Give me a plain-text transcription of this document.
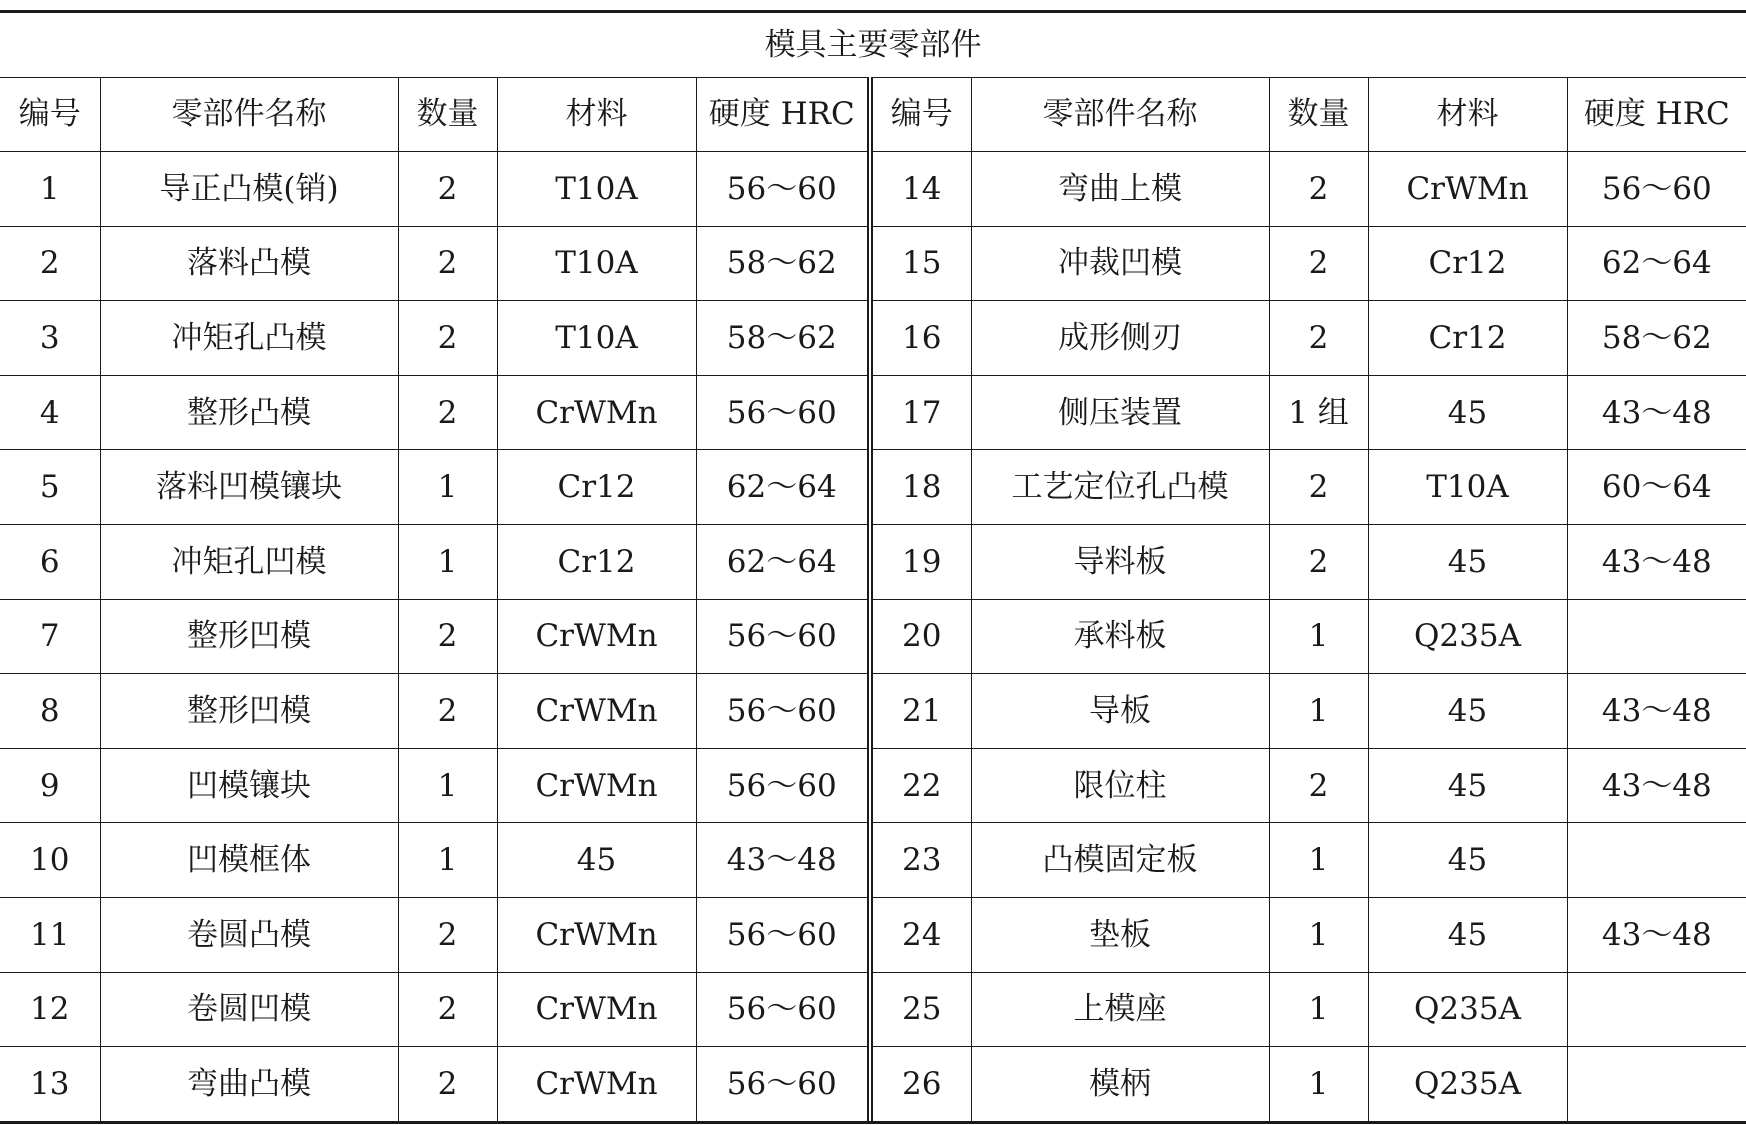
模具主要零部件									
编号	零部件名称	数量	材料	硬度 HRC	编号	零部件名称	数量	材料	硬度 HRC
1	导正凸模(销)	2	T10A	56～60	14	弯曲上模	2	CrWMn	56～60
2	落料凸模	2	T10A	58～62	15	冲裁凹模	2	Cr12	62～64
3	冲矩孔凸模	2	T10A	58～62	16	成形侧刃	2	Cr12	58～62
4	整形凸模	2	CrWMn	56～60	17	侧压装置	1 组	45	43～48
5	落料凹模镶块	1	Cr12	62～64	18	工艺定位孔凸模	2	T10A	60～64
6	冲矩孔凹模	1	Cr12	62～64	19	导料板	2	45	43～48
7	整形凹模	2	CrWMn	56～60	20	承料板	1	Q235A	
8	整形凹模	2	CrWMn	56～60	21	导板	1	45	43～48
9	凹模镶块	1	CrWMn	56～60	22	限位柱	2	45	43～48
10	凹模框体	1	45	43～48	23	凸模固定板	1	45	
11	卷圆凸模	2	CrWMn	56～60	24	垫板	1	45	43～48
12	卷圆凹模	2	CrWMn	56～60	25	上模座	1	Q235A	
13	弯曲凸模	2	CrWMn	56～60	26	模柄	1	Q235A	
